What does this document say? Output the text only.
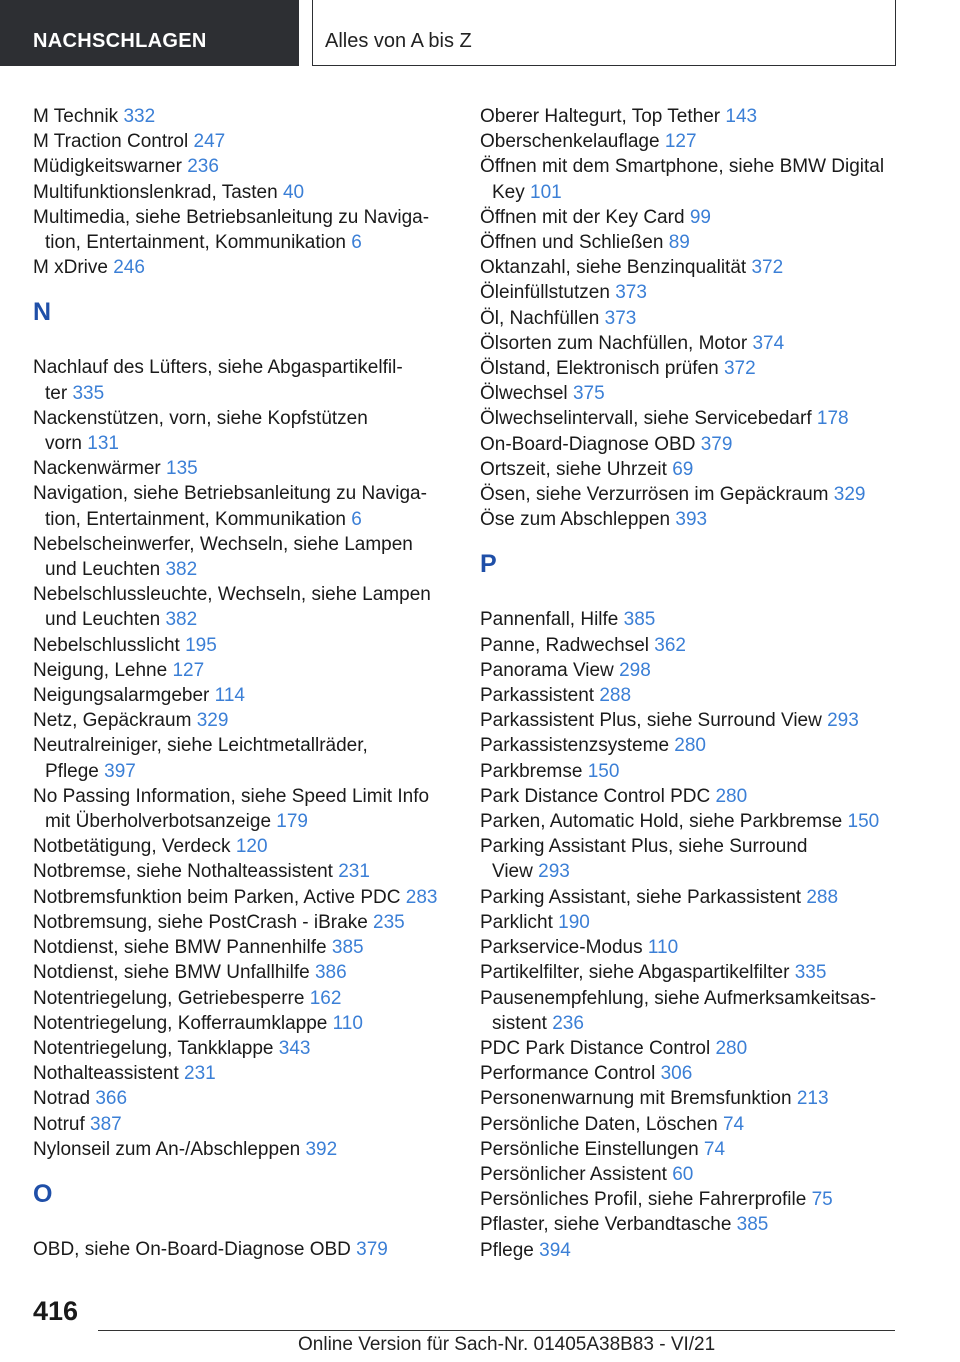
NACHSCHLAGEN	Alles von A bis Z
M Technik 332
M Traction Control 247
Müdigkeitswarner 236
Multifunktionslenkrad, Tasten 40
Multimedia, siehe Betriebsanleitung zu Naviga-
tion, Entertainment, Kommunikation 6
M xDrive 246
N
Nachlauf des Lüfters, siehe Abgaspartikelfil-
ter 335
Nackenstützen, vorn, siehe Kopfstützen
vorn 131
Nackenwärmer 135
Navigation, siehe Betriebsanleitung zu Naviga-
tion, Entertainment, Kommunikation 6
Nebelscheinwerfer, Wechseln, siehe Lampen
und Leuchten 382
Nebelschlussleuchte, Wechseln, siehe Lampen
und Leuchten 382
Nebelschlusslicht 195
Neigung, Lehne 127
Neigungsalarmgeber 114
Netz, Gepäckraum 329
Neutralreiniger, siehe Leichtmetallräder,
Pflege 397
No Passing Information, siehe Speed Limit Info
mit Überholverbotsanzeige 179
Notbetätigung, Verdeck 120
Notbremse, siehe Nothalteassistent 231
Notbremsfunktion beim Parken, Active PDC 283
Notbremsung, siehe PostCrash - iBrake 235
Notdienst, siehe BMW Pannenhilfe 385
Notdienst, siehe BMW Unfallhilfe 386
Notentriegelung, Getriebesperre 162
Notentriegelung, Kofferraumklappe 110
Notentriegelung, Tankklappe 343
Nothalteassistent 231
Notrad 366
Notruf 387
Nylonseil zum An-/Abschleppen 392
O
OBD, siehe On-Board-Diagnose OBD 379
Oberer Haltegurt, Top Tether 143
Oberschenkelauflage 127
Öffnen mit dem Smartphone, siehe BMW Digital
Key 101
Öffnen mit der Key Card 99
Öffnen und Schließen 89
Oktanzahl, siehe Benzinqualität 372
Öleinfüllstutzen 373
Öl, Nachfüllen 373
Ölsorten zum Nachfüllen, Motor 374
Ölstand, Elektronisch prüfen 372
Ölwechsel 375
Ölwechselintervall, siehe Servicebedarf 178
On-Board-Diagnose OBD 379
Ortszeit, siehe Uhrzeit 69
Ösen, siehe Verzurrösen im Gepäckraum 329
Öse zum Abschleppen 393
P
Pannenfall, Hilfe 385
Panne, Radwechsel 362
Panorama View 298
Parkassistent 288
Parkassistent Plus, siehe Surround View 293
Parkassistenzsysteme 280
Parkbremse 150
Park Distance Control PDC 280
Parken, Automatic Hold, siehe Parkbremse 150
Parking Assistant Plus, siehe Surround
View 293
Parking Assistant, siehe Parkassistent 288
Parklicht 190
Parkservice-Modus 110
Partikelfilter, siehe Abgaspartikelfilter 335
Pausenempfehlung, siehe Aufmerksamkeitsas-
sistent 236
PDC Park Distance Control 280
Performance Control 306
Personenwarnung mit Bremsfunktion 213
Persönliche Daten, Löschen 74
Persönliche Einstellungen 74
Persönlicher Assistent 60
Persönliches Profil, siehe Fahrerprofile 75
Pflaster, siehe Verbandtasche 385
Pflege 394
416
Online Version für Sach-Nr. 01405A38B83 - VI/21
